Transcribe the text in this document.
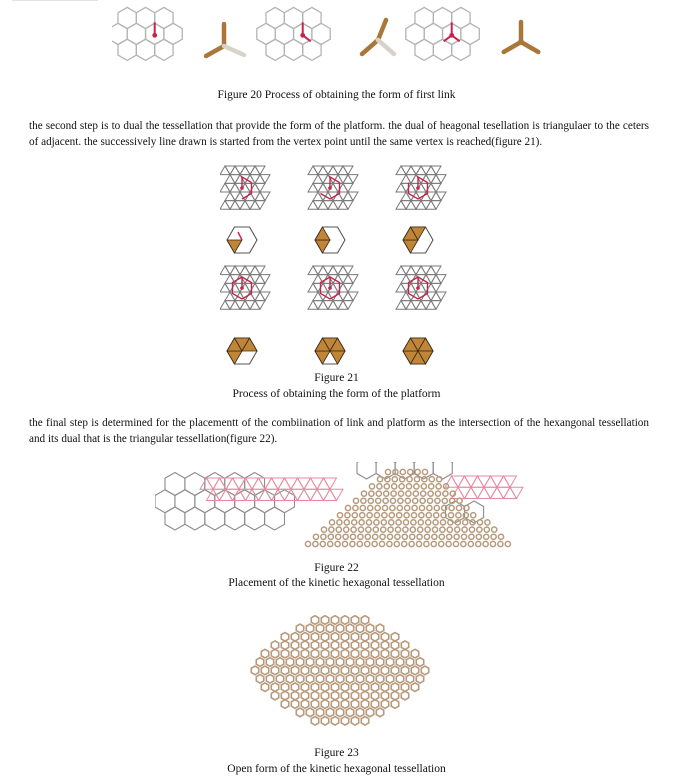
Figure 20 Process of obtaining the form of first link

the second step is to dual the tessellation that provide the form of the platform. the dual of heagonal tesellation is triangulaer to the ceters of adjacent. the successively line drawn is started from the vertex point until the same vertex is reached(figure 21).

Figure 21
Process of obtaining the form of the platform

the final step is determined for the placementt of the combiination of link and platform as the intersection of the hexangonal tessellation and its dual that is the triangular tessellation(figure 22).

Figure 22
Placement of the kinetic hexagonal tessellation
Figure 23
Open form of the kinetic hexagonal tessellation
